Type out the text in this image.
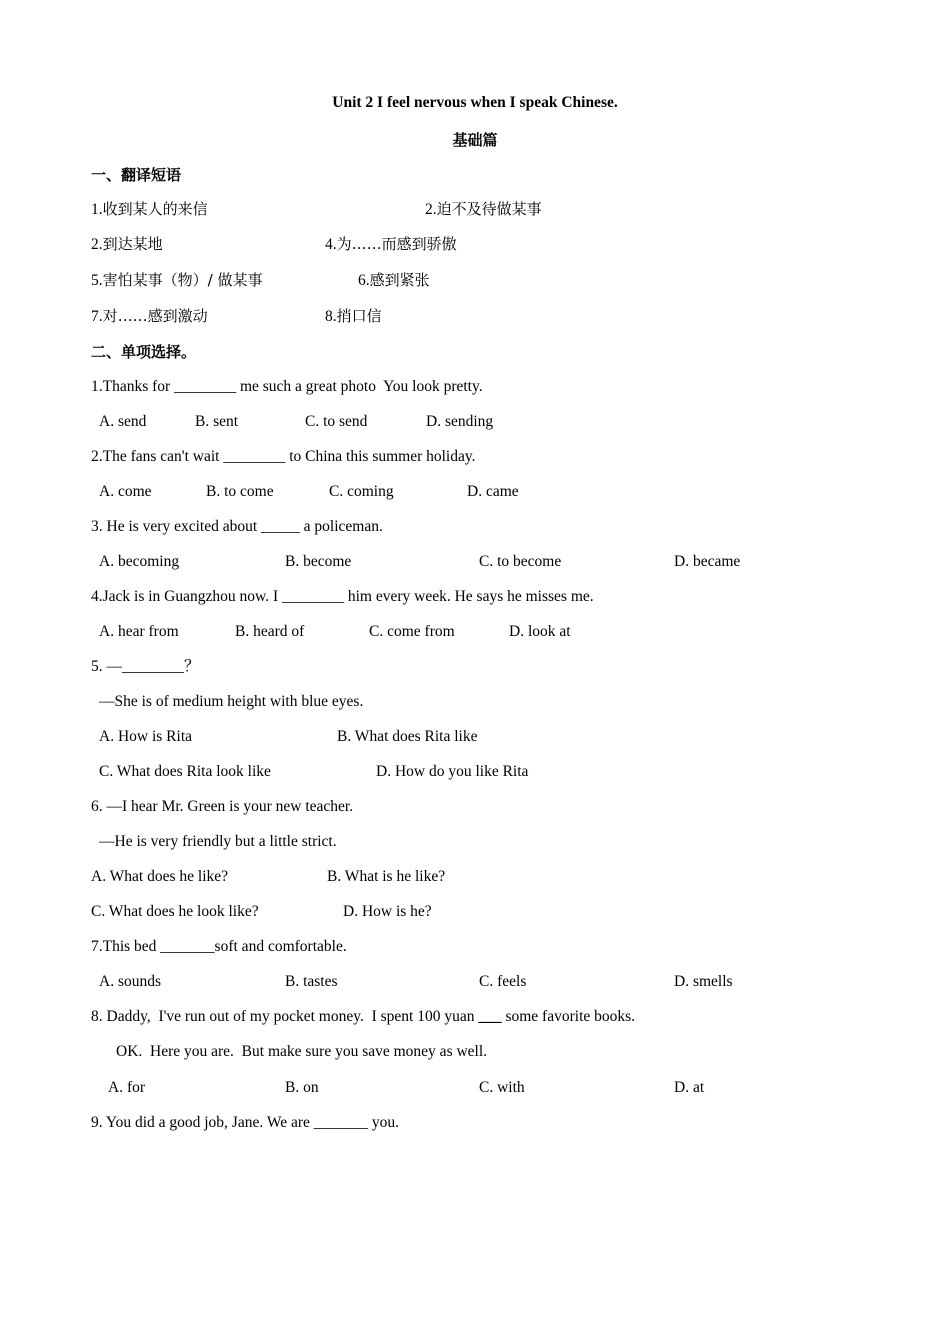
Unit 2 I feel nervous when I speak Chinese.
基础篇
一、翻译短语
1.收到某人的来信	2.迫不及待做某事
2.到达某地	4.为……而感到骄傲
5.害怕某事（物）/ 做某事	6.感到紧张
7.对……感到激动	8.捎口信
二、单项选择。
1.Thanks for ________ me such a great photo  You look pretty.
A. send	B. sent	C. to send	D. sending
2.The fans can't wait ________ to China this summer holiday.
A. come	B. to come	C. coming	D. came
3. He is very excited about _____ a policeman.
A. becoming	B. become	C. to become	D. became
4.Jack is in Guangzhou now. I ________ him every week. He says he misses me.
A. hear from	B. heard of	C. come from	D. look at
5. —________？
—She is of medium height with blue eyes.
A. How is Rita	B. What does Rita like
C. What does Rita look like	D. How do you like Rita
6. —I hear Mr. Green is your new teacher.
—He is very friendly but a little strict.
A. What does he like?	B. What is he like?
C. What does he look like?	D. How is he?
7.This bed _______soft and comfortable.
A. sounds	B. tastes	C. feels	D. smells
8. Daddy,  I've run out of my pocket money.  I spent 100 yuan ___ some favorite books.
OK.  Here you are.  But make sure you save money as well.
A. for	B. on	C. with	D. at
9. You did a good job, Jane. We are _______ you.
